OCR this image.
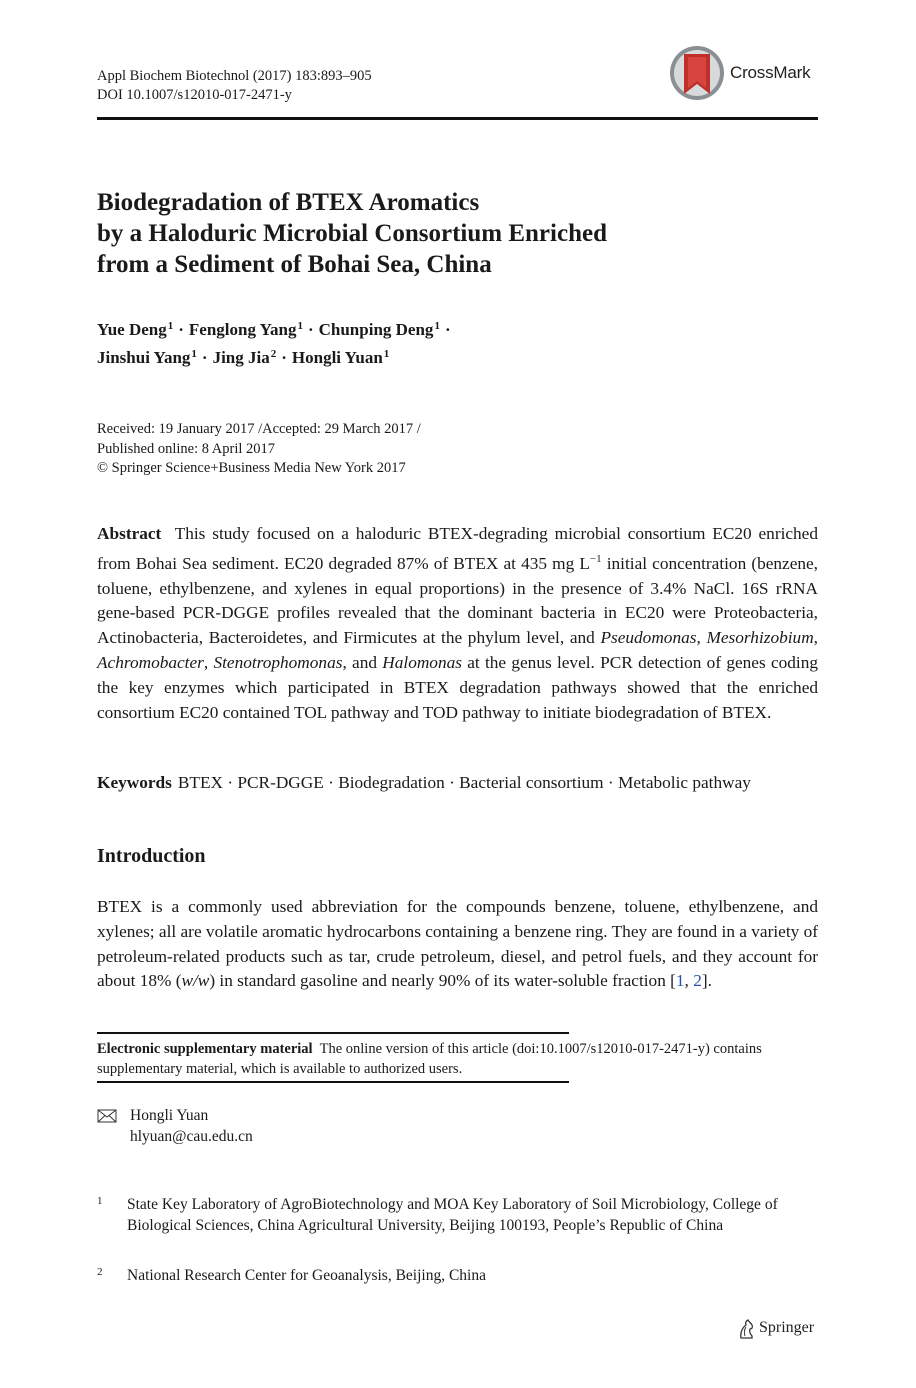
Appl Biochem Biotechnol (2017) 183:893–905
DOI 10.1007/s12010-017-2471-y
CrossMark
Biodegradation of BTEX Aromatics
by a Haloduric Microbial Consortium Enriched
from a Sediment of Bohai Sea, China
Yue Deng$^1$ · Fenglong Yang$^1$ · Chunping Deng$^1$ ·
Jinshui Yang$^1$ · Jing Jia$^2$ · Hongli Yuan$^1$
Received: 19 January 2017 /Accepted: 29 March 2017 /
Published online: 8 April 2017
© Springer Science+Business Media New York 2017
Abstract This study focused on a haloduric BTEX-degrading microbial consortium EC20 enriched from Bohai Sea sediment. EC20 degraded 87% of BTEX at 435 mg $L^{-1}$ initial concentration (benzene, toluene, ethylbenzene, and xylenes in equal proportions) in the presence of 3.4% NaCl. 16S rRNA gene-based PCR-DGGE profiles revealed that the dominant bacteria in EC20 were Proteobacteria, Actinobacteria, Bacteroidetes, and Firmicutes at the phylum level, and Pseudomonas, Mesorhizobium, Achromobacter, Stenotrophomonas, and Halomonas at the genus level. PCR detection of genes coding the key enzymes which participated in BTEX degradation pathways showed that the enriched consortium EC20 contained TOL pathway and TOD pathway to initiate biodegradation of BTEX.
Keywords BTEX · PCR-DGGE · Biodegradation · Bacterial consortium · Metabolic pathway
Introduction
BTEX is a commonly used abbreviation for the compounds benzene, toluene, ethylbenzene, and xylenes; all are volatile aromatic hydrocarbons containing a benzene ring. They are found in a variety of petroleum-related products such as tar, crude petroleum, diesel, and petrol fuels, and they account for about 18% (w/w) in standard gasoline and nearly 90% of its water-soluble fraction [1, 2].
Electronic supplementary material The online version of this article (doi:10.1007/s12010-017-2471-y) contains supplementary material, which is available to authorized users.
Hongli Yuan
hlyuan@cau.edu.cn
1 State Key Laboratory of AgroBiotechnology and MOA Key Laboratory of Soil Microbiology, College of Biological Sciences, China Agricultural University, Beijing 100193, People’s Republic of China
2 National Research Center for Geoanalysis, Beijing, China
Springer
